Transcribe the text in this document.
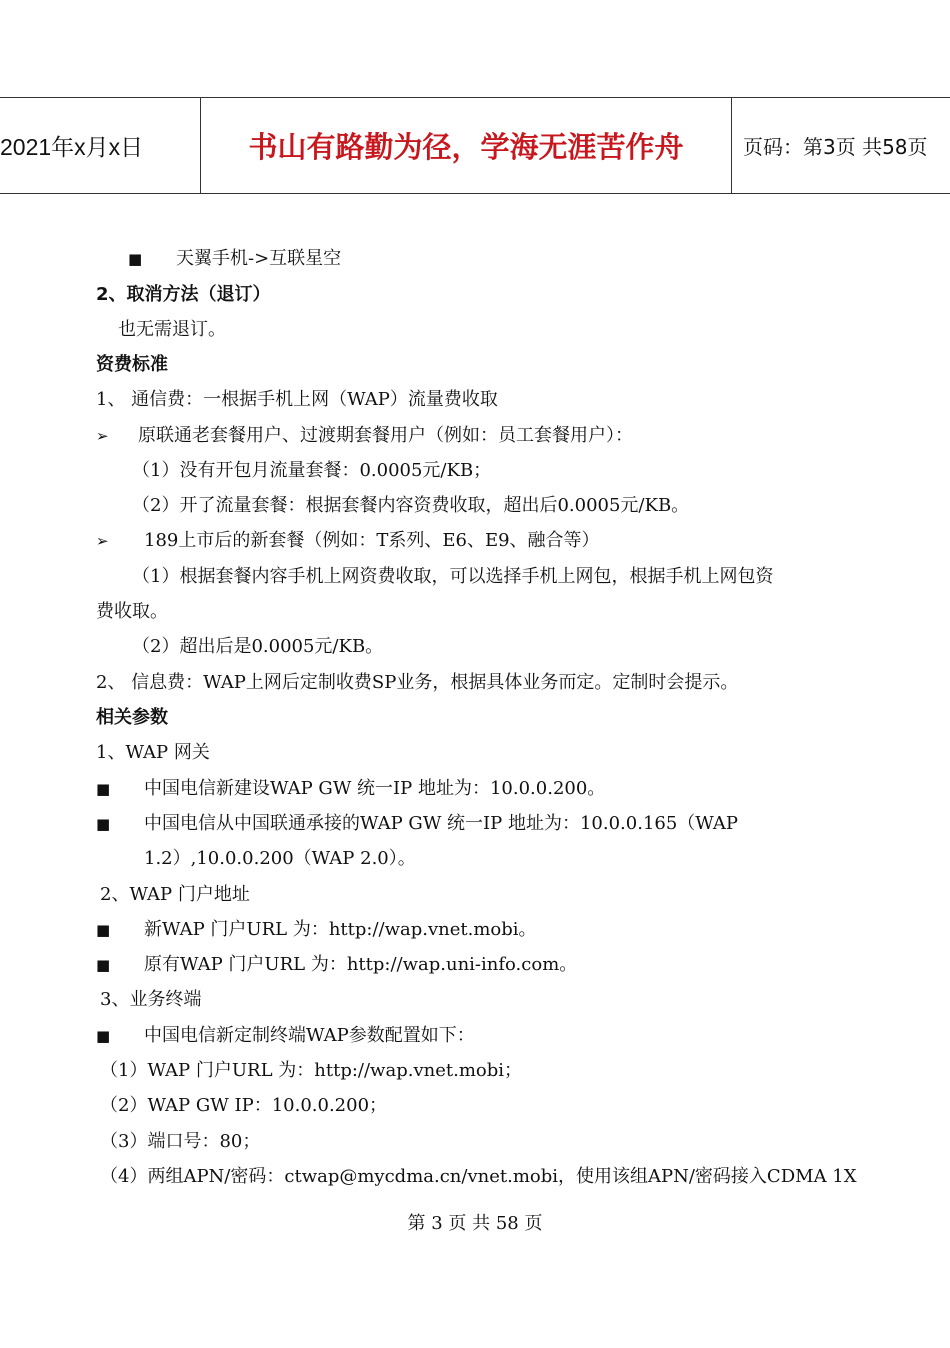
2021年x月x日	书山有路勤为径，学海无涯苦作舟	页码：第3页 共58页
■ 天翼手机->互联星空
2、取消方法（退订）
也无需退订。
资费标准
1、 通信费：一根据手机上网（WAP）流量费收取
➢ 原联通老套餐用户、过渡期套餐用户（例如：员工套餐用户）：
（1）没有开包月流量套餐：0.0005元/KB；
（2）开了流量套餐：根据套餐内容资费收取，超出后0.0005元/KB。
➢ 189上市后的新套餐（例如：T系列、E6、E9、融合等）
（1）根据套餐内容手机上网资费收取，可以选择手机上网包，根据手机上网包资
费收取。
（2）超出后是0.0005元/KB。
2、 信息费：WAP上网后定制收费SP业务，根据具体业务而定。定制时会提示。
相关参数
1、WAP 网关
■ 中国电信新建设WAP GW 统一IP 地址为：10.0.0.200。
■ 中国电信从中国联通承接的WAP GW 统一IP 地址为：10.0.0.165（WAP
1.2）,10.0.0.200（WAP 2.0）。
2、WAP 门户地址
■ 新WAP 门户URL 为：http://wap.vnet.mobi。
■ 原有WAP 门户URL 为：http://wap.uni-info.com。
3、业务终端
■ 中国电信新定制终端WAP参数配置如下：
（1）WAP 门户URL 为：http://wap.vnet.mobi；
（2）WAP GW IP：10.0.0.200；
（3）端口号：80；
（4）两组APN/密码：ctwap@mycdma.cn/vnet.mobi，使用该组APN/密码接入CDMA 1X
第 3 页 共 58 页
